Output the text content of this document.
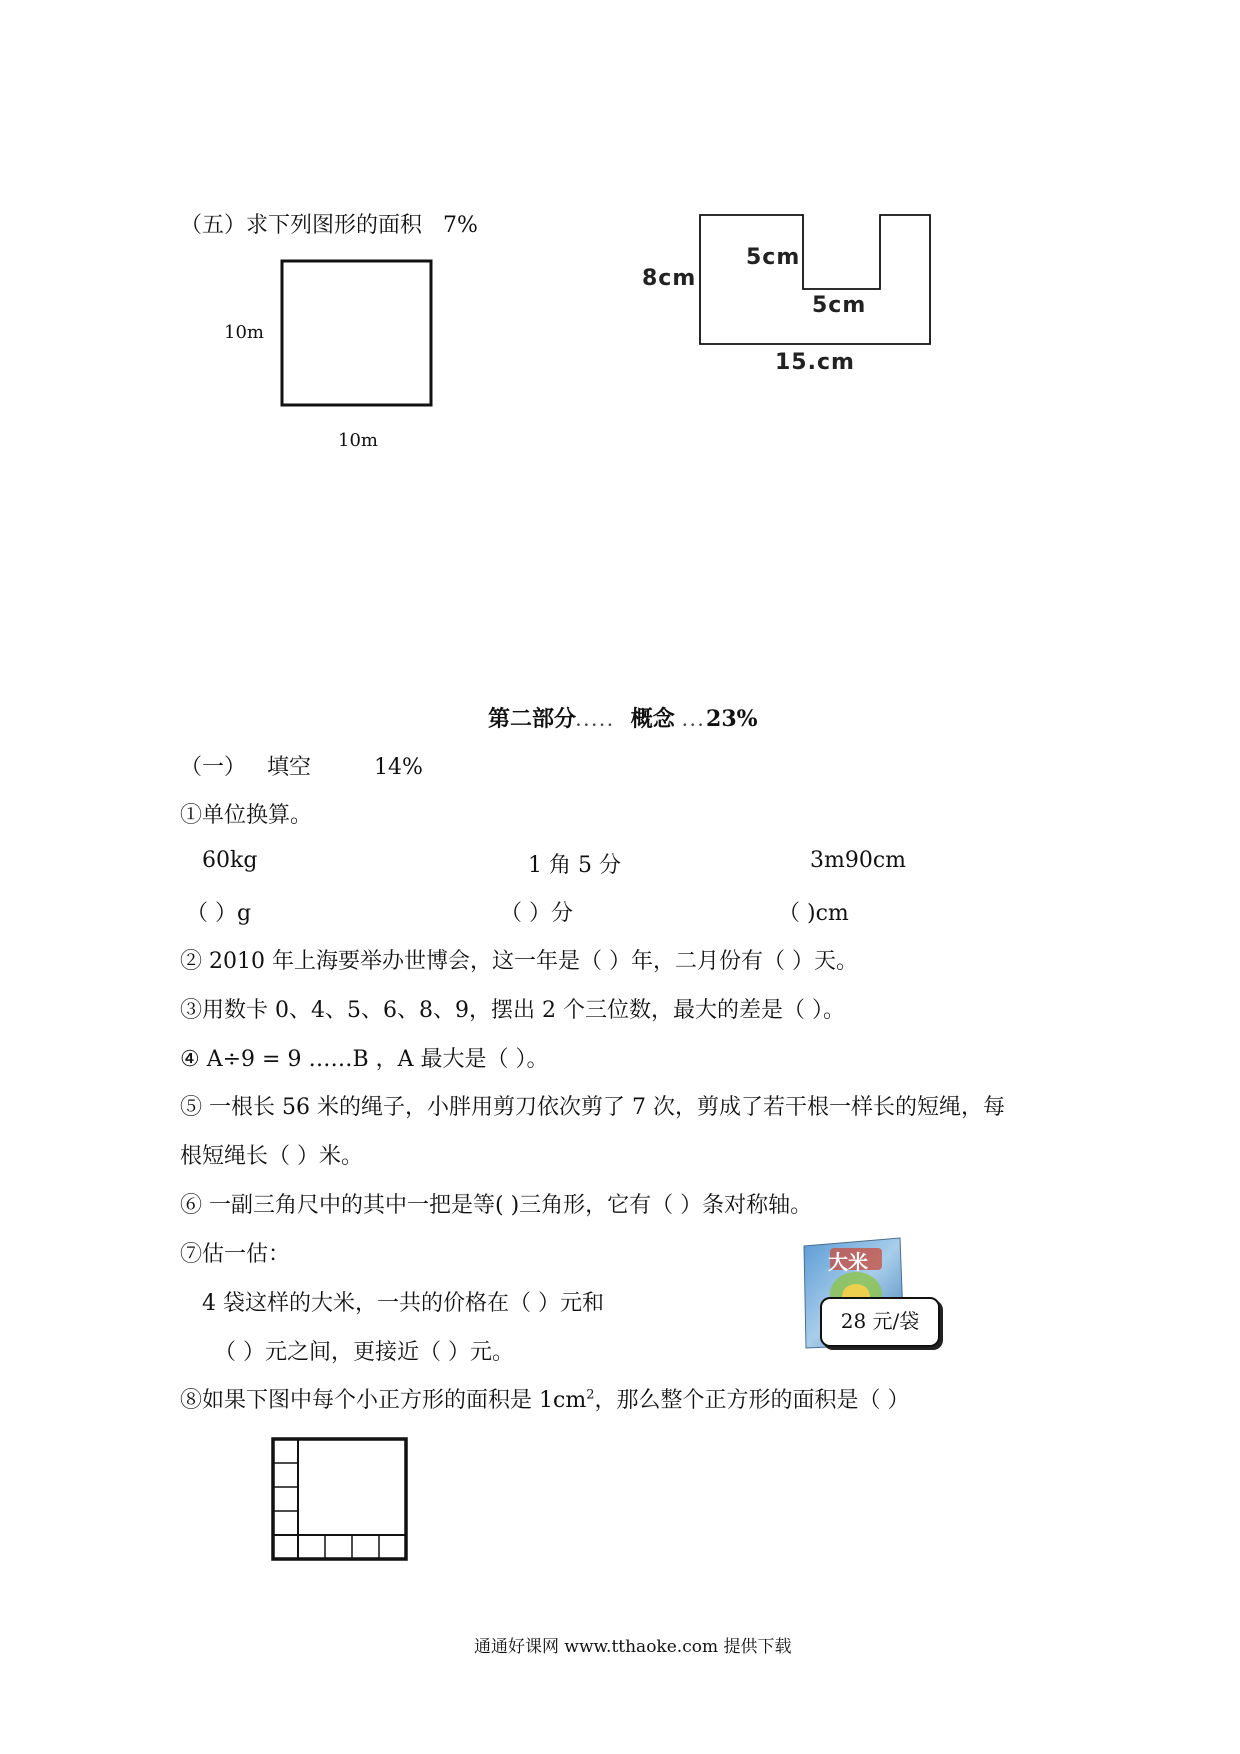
（五）求下列图形的面积 7%
10m
10m
8cm
5cm
5cm
15.cm
第二部分..... 概念 ...23%
（一） 填空	14%
①单位换算。
60kg	1 角 5 分	3m90cm
（ ）g	（ ）分	（ )cm
② 2010 年上海要举办世博会，这一年是（ ）年，二月份有（ ）天。
③用数卡 0、4、5、6、8、9，摆出 2 个三位数，最大的差是（ ）。
④ A÷9 = 9 ……B ，A 最大是（ ）。
⑤ 一根长 56 米的绳子，小胖用剪刀依次剪了 7 次，剪成了若干根一样长的短绳，每
根短绳长（ ）米。
⑥ 一副三角尺中的其中一把是等( )三角形，它有（ ）条对称轴。
⑦估一估：
4 袋这样的大米，一共的价格在（ ）元和
（ ）元之间，更接近（ ）元。
大米
28 元/袋
⑧如果下图中每个小正方形的面积是 $1cm^2$，那么整个正方形的面积是（ ）
通通好课网 www.tthaoke.com 提供下载
